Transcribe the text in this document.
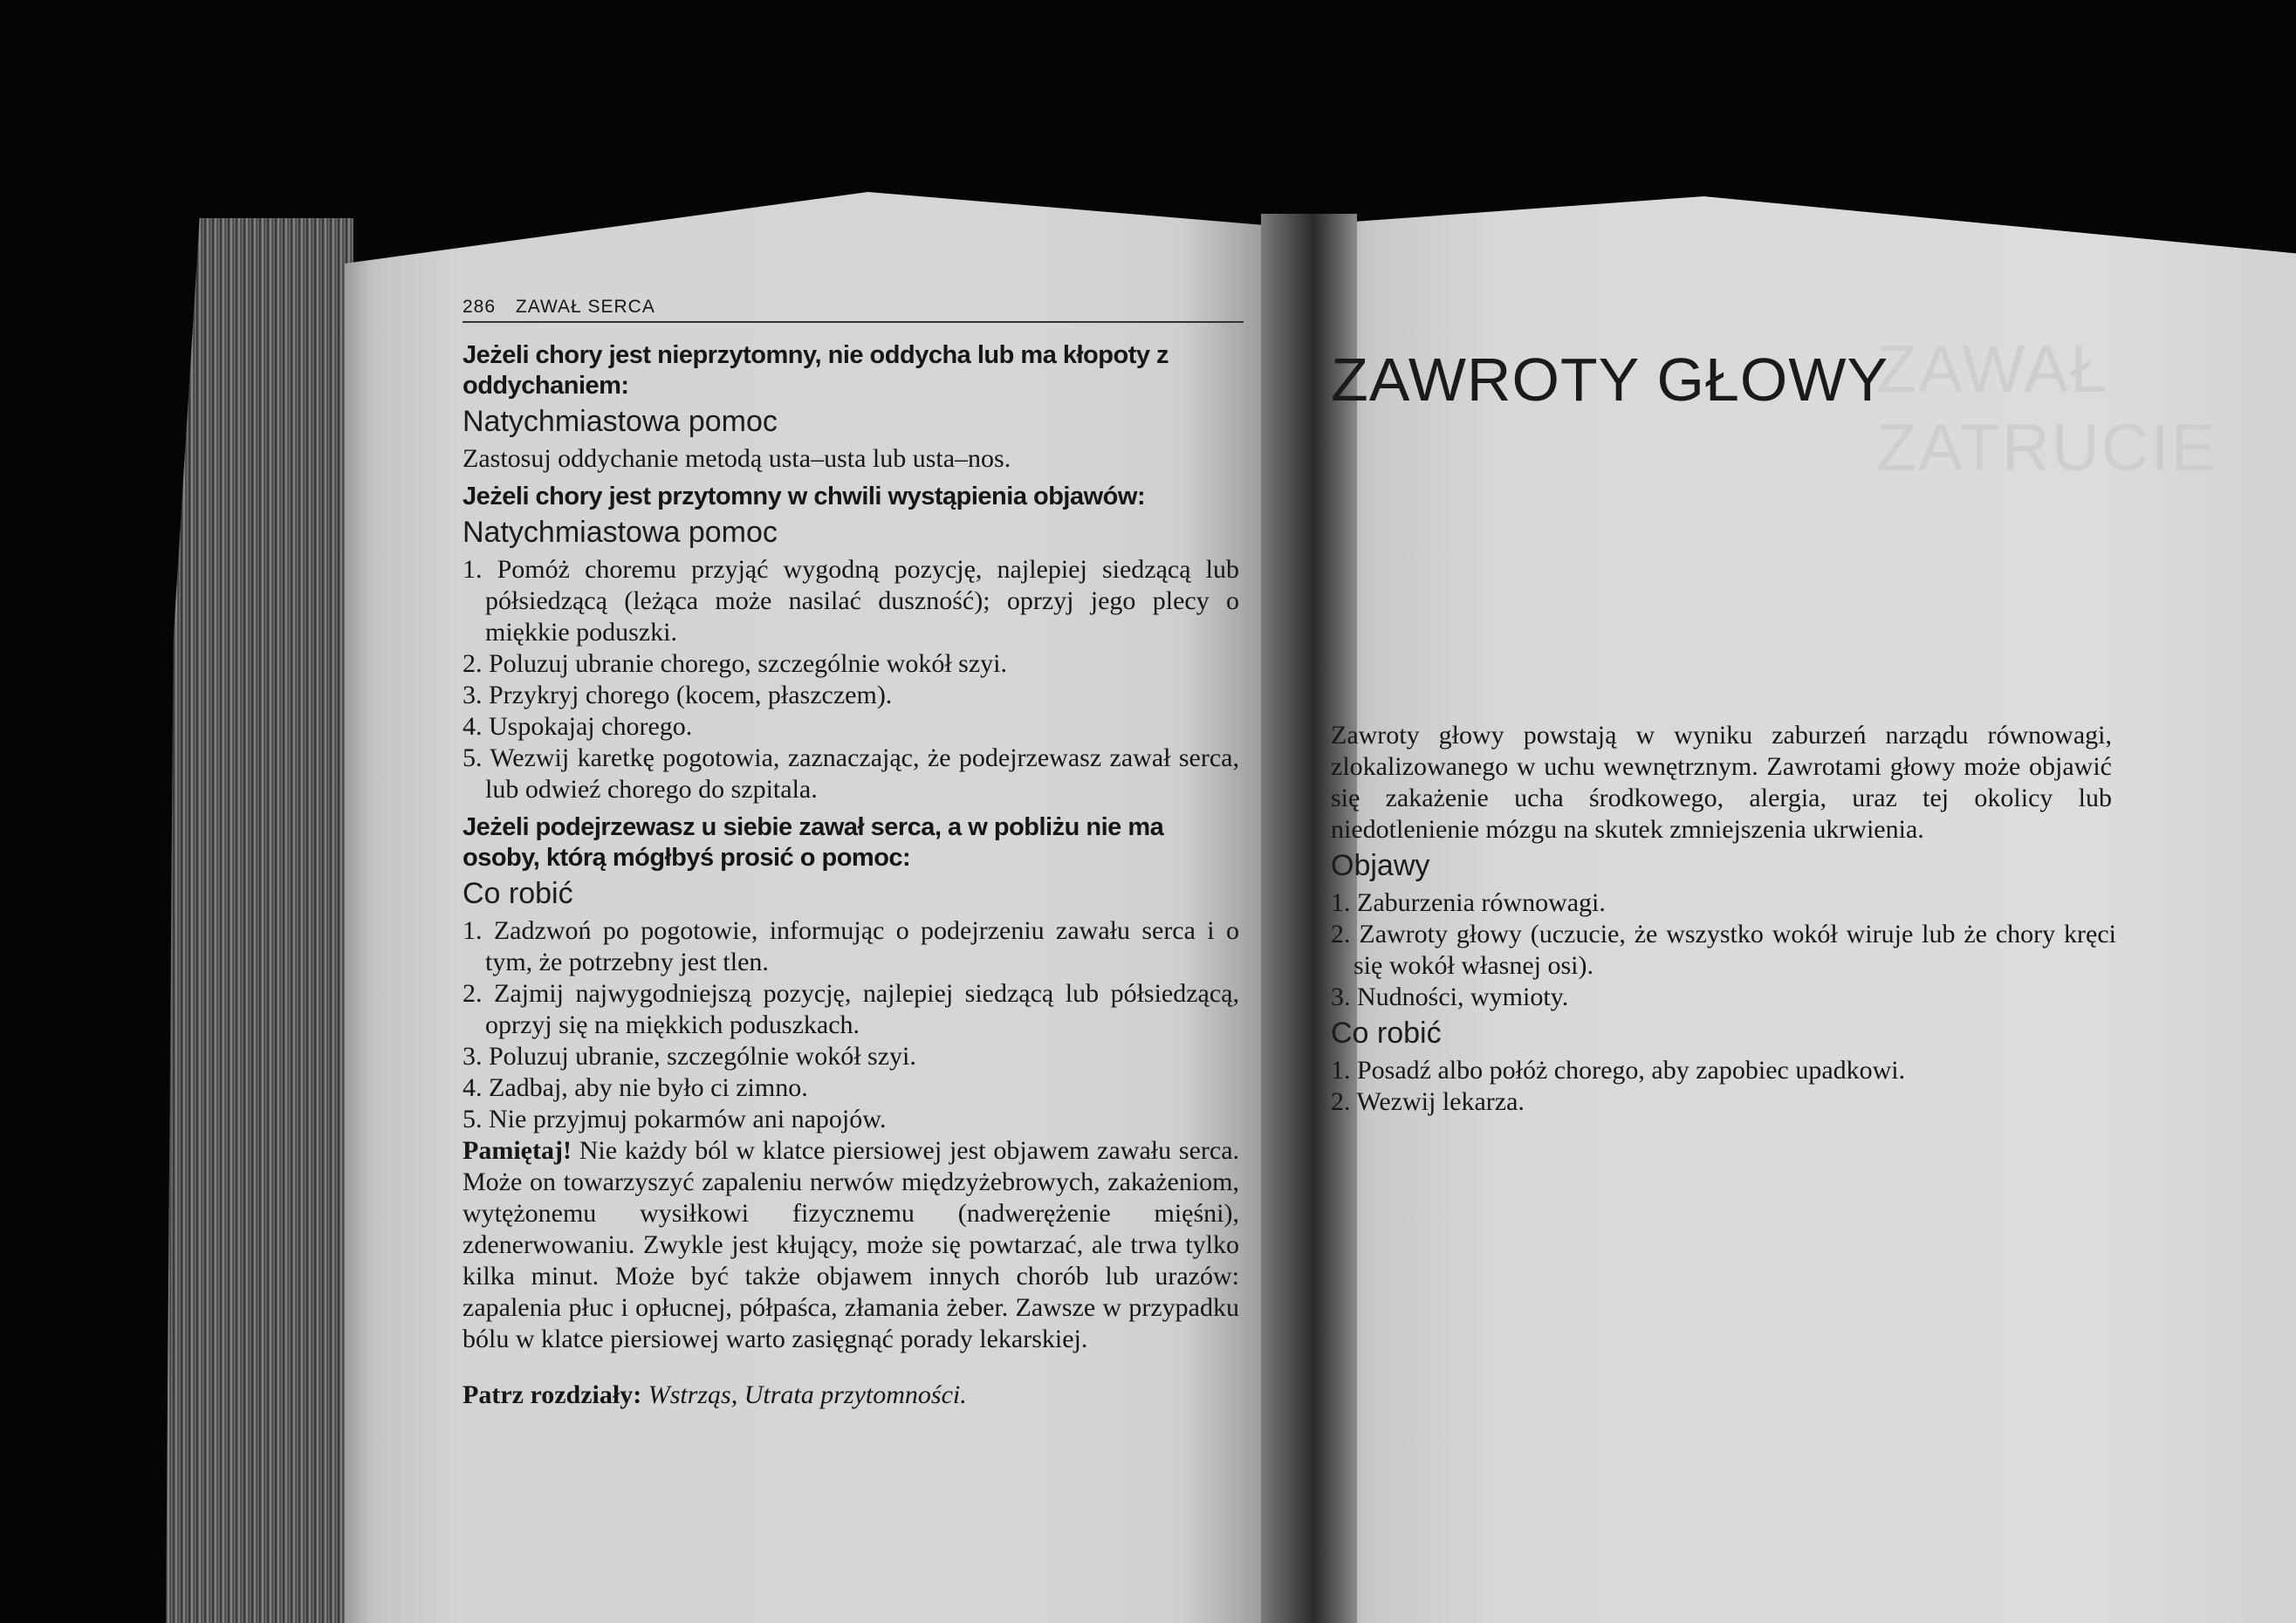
ZAWAŁ
ZATRUCIE
286 ZAWAŁ SERCA
Jeżeli chory jest nieprzytomny, nie oddycha lub ma kłopoty z oddychaniem:
Natychmiastowa pomoc
Zastosuj oddychanie metodą usta–usta lub usta–nos.
Jeżeli chory jest przytomny w chwili wystąpienia objawów:
Natychmiastowa pomoc
1. Pomóż choremu przyjąć wygodną pozycję, najlepiej siedzącą lub półsiedzącą (leżąca może nasilać duszność); oprzyj jego plecy o miękkie poduszki.
2. Poluzuj ubranie chorego, szczególnie wokół szyi.
3. Przykryj chorego (kocem, płaszczem).
4. Uspokajaj chorego.
5. Wezwij karetkę pogotowia, zaznaczając, że podejrzewasz zawał serca, lub odwieź chorego do szpitala.
Jeżeli podejrzewasz u siebie zawał serca, a w pobliżu nie ma osoby, którą mógłbyś prosić o pomoc:
Co robić
1. Zadzwoń po pogotowie, informując o podejrzeniu zawału serca i o tym, że potrzebny jest tlen.
2. Zajmij najwygodniejszą pozycję, najlepiej siedzącą lub półsiedzącą, oprzyj się na miękkich poduszkach.
3. Poluzuj ubranie, szczególnie wokół szyi.
4. Zadbaj, aby nie było ci zimno.
5. Nie przyjmuj pokarmów ani napojów.
Pamiętaj! Nie każdy ból w klatce piersiowej jest objawem zawału serca. Może on towarzyszyć zapaleniu nerwów międzyżebrowych, zakażeniom, wytężonemu wysiłkowi fizycznemu (nadwerężenie mięśni), zdenerwowaniu. Zwykle jest kłujący, może się powtarzać, ale trwa tylko kilka minut. Może być także objawem innych chorób lub urazów: zapalenia płuc i opłucnej, półpaśca, złamania żeber. Zawsze w przypadku bólu w klatce piersiowej warto zasięgnąć porady lekarskiej.
Patrz rozdziały: Wstrząs, Utrata przytomności.
ZAWROTY GŁOWY
Zawroty głowy powstają w wyniku zaburzeń narządu równowagi, zlokalizowanego w uchu wewnętrznym. Zawrotami głowy może objawić się zakażenie ucha środkowego, alergia, uraz tej okolicy lub niedotlenienie mózgu na skutek zmniejszenia ukrwienia.
Objawy
1. Zaburzenia równowagi.
2. Zawroty głowy (uczucie, że wszystko wokół wiruje lub że chory kręci się wokół własnej osi).
3. Nudności, wymioty.
Co robić
1. Posadź albo połóż chorego, aby zapobiec upadkowi.
2. Wezwij lekarza.
